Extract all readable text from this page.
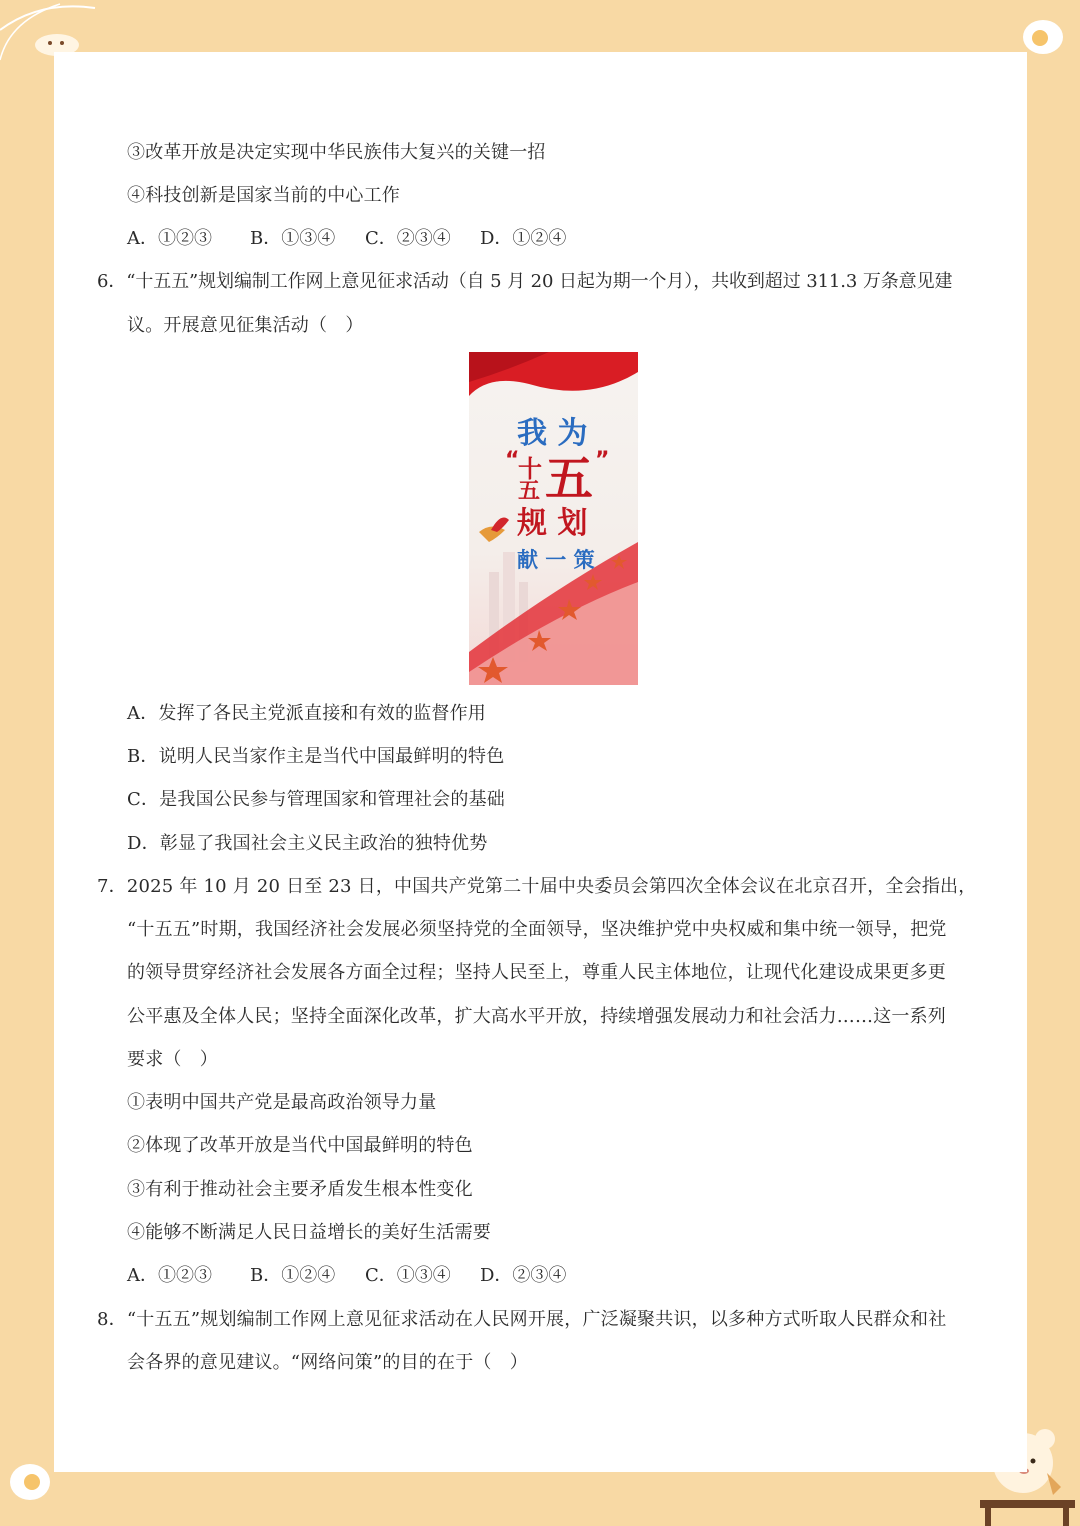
③改革开放是决定实现中华民族伟大复兴的关键一招
④科技创新是国家当前的中心工作
A．①②③ B．①③④ C．②③④ D．①②④
6．“十五五”规划编制工作网上意见征求活动（自 5 月 20 日起为期一个月），共收到超过 311.3 万条意见建
议。开展意见征集活动（　）
我 为
“
十
五 五 ”
规 划
献 一 策
A．发挥了各民主党派直接和有效的监督作用
B．说明人民当家作主是当代中国最鲜明的特色
C．是我国公民参与管理国家和管理社会的基础
D．彰显了我国社会主义民主政治的独特优势
7．2025 年 10 月 20 日至 23 日，中国共产党第二十届中央委员会第四次全体会议在北京召开，全会指出，
“十五五”时期，我国经济社会发展必须坚持党的全面领导，坚决维护党中央权威和集中统一领导，把党
的领导贯穿经济社会发展各方面全过程；坚持人民至上，尊重人民主体地位，让现代化建设成果更多更
公平惠及全体人民；坚持全面深化改革，扩大高水平开放，持续增强发展动力和社会活力……这一系列
要求（　）
①表明中国共产党是最高政治领导力量
②体现了改革开放是当代中国最鲜明的特色
③有利于推动社会主要矛盾发生根本性变化
④能够不断满足人民日益增长的美好生活需要
A．①②③ B．①②④ C．①③④ D．②③④
8．“十五五”规划编制工作网上意见征求活动在人民网开展，广泛凝聚共识，以多种方式听取人民群众和社
会各界的意见建议。“网络问策”的目的在于（　）
